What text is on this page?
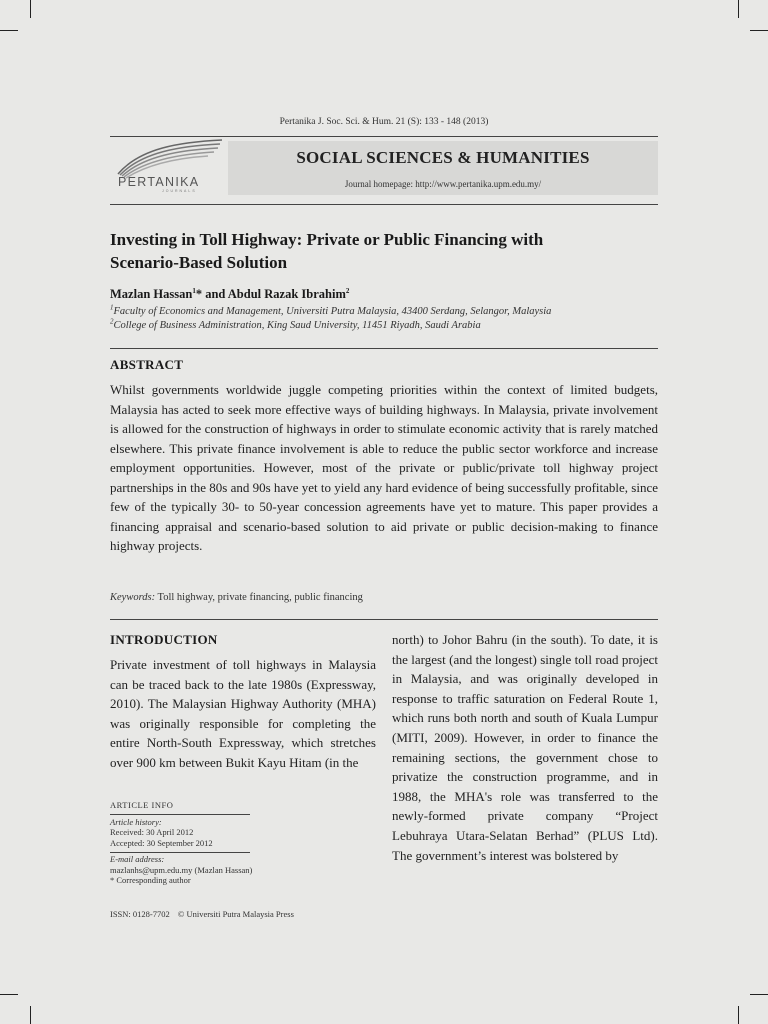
Pertanika J. Soc. Sci. & Hum. 21 (S): 133 - 148 (2013)
PERTANIKA
JOURNALS
SOCIAL SCIENCES & HUMANITIES
Journal homepage: http://www.pertanika.upm.edu.my/
Investing in Toll Highway: Private or Public Financing with
Scenario-Based Solution
Mazlan Hassan$^1$* and Abdul Razak Ibrahim$^2$
$^1$Faculty of Economics and Management, Universiti Putra Malaysia, 43400 Serdang, Selangor, Malaysia
$^2$College of Business Administration, King Saud University, 11451 Riyadh, Saudi Arabia
ABSTRACT
Whilst governments worldwide juggle competing priorities within the context of limited budgets, Malaysia has acted to seek more effective ways of building highways. In Malaysia, private involvement is allowed for the construction of highways in order to stimulate economic activity that is rarely matched elsewhere. This private finance involvement is able to reduce the public sector workforce and increase employment opportunities. However, most of the private or public/private toll highway project partnerships in the 80s and 90s have yet to yield any hard evidence of being successfully profitable, since few of the typically 30- to 50-year concession agreements have yet to mature. This paper provides a financing appraisal and scenario-based solution to aid private or public decision-making to finance highway projects.
Keywords: Toll highway, private financing, public financing
INTRODUCTION
Private investment of toll highways in Malaysia can be traced back to the late 1980s (Expressway, 2010). The Malaysian Highway Authority (MHA) was originally responsible for completing the entire North-South Expressway, which stretches over 900 km between Bukit Kayu Hitam (in the
north) to Johor Bahru (in the south). To date, it is the largest (and the longest) single toll road project in Malaysia, and was originally developed in response to traffic saturation on Federal Route 1, which runs both north and south of Kuala Lumpur (MITI, 2009). However, in order to finance the remaining sections, the government chose to privatize the construction programme, and in 1988, the MHA's role was transferred to the newly-formed private company “Project Lebuhraya Utara-Selatan Berhad” (PLUS Ltd). The government’s interest was bolstered by
ARTICLE INFO
Article history:
Received: 30 April 2012
Accepted: 30 September 2012
E-mail address:
mazlanhs@upm.edu.my (Mazlan Hassan)
* Corresponding author
ISSN: 0128-7702 © Universiti Putra Malaysia Press
